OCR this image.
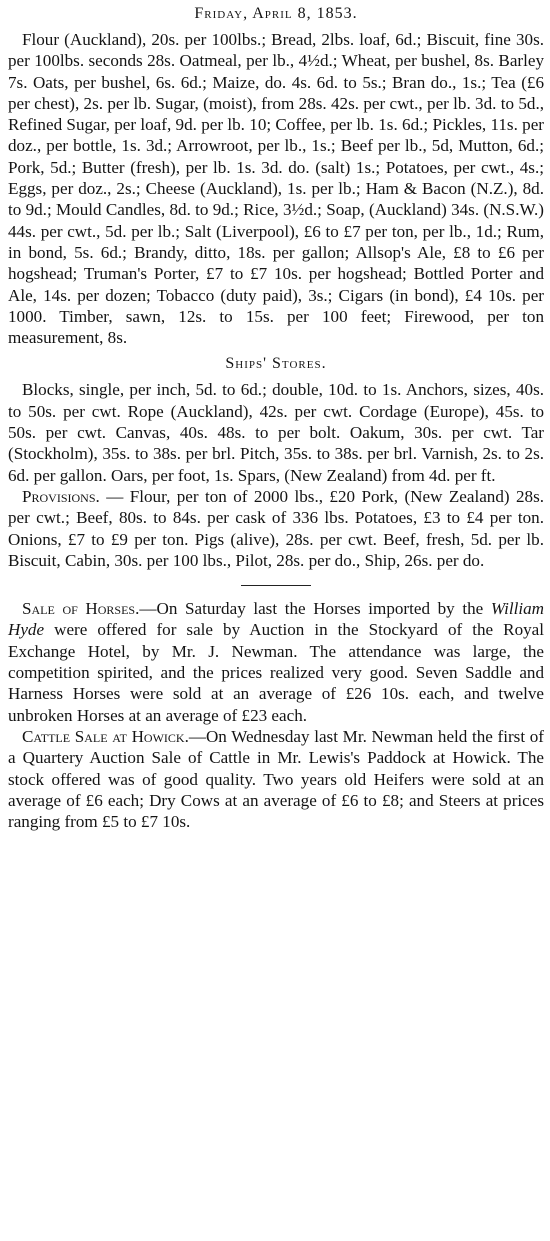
Friday, April 8, 1853.

Flour (Auckland), 20s. per 100lbs.; Bread, 2lbs. loaf, 6d.; Biscuit, fine 30s. per 100lbs. seconds 28s. Oatmeal, per lb., 4½d.; Wheat, per bushel, 8s. Barley 7s. Oats, per bushel, 6s. 6d.; Maize, do. 4s. 6d. to 5s.; Bran do., 1s.; Tea (£6 per chest), 2s. per lb. Sugar, (moist), from 28s. 42s. per cwt., per lb. 3d. to 5d., Refined Sugar, per loaf, 9d. per lb. 10; Coffee, per lb. 1s. 6d.; Pickles, 11s. per doz., per bottle, 1s. 3d.; Arrowroot, per lb., 1s.; Beef per lb., 5d, Mutton, 6d.; Pork, 5d.; Butter (fresh), per lb. 1s. 3d. do. (salt) 1s.; Potatoes, per cwt., 4s.; Eggs, per doz., 2s.; Cheese (Auckland), 1s. per lb.; Ham & Bacon (N.Z.), 8d. to 9d.; Mould Candles, 8d. to 9d.; Rice, 3½d.; Soap, (Auckland) 34s. (N.S.W.) 44s. per cwt., 5d. per lb.; Salt (Liverpool), £6 to £7 per ton, per lb., 1d.; Rum, in bond, 5s. 6d.; Brandy, ditto, 18s. per gallon; Allsop's Ale, £8 to £6 per hogshead; Truman's Porter, £7 to £7 10s. per hogshead; Bottled Porter and Ale, 14s. per dozen; Tobacco (duty paid), 3s.; Cigars (in bond), £4 10s. per 1000. Timber, sawn, 12s. to 15s. per 100 feet; Firewood, per ton measurement, 8s.

Ships' Stores.

Blocks, single, per inch, 5d. to 6d.; double, 10d. to 1s. Anchors, sizes, 40s. to 50s. per cwt. Rope (Auckland), 42s. per cwt. Cordage (Europe), 45s. to 50s. per cwt. Canvas, 40s. 48s. to per bolt. Oakum, 30s. per cwt. Tar (Stockholm), 35s. to 38s. per brl. Pitch, 35s. to 38s. per brl. Varnish, 2s. to 2s. 6d. per gallon. Oars, per foot, 1s. Spars, (New Zealand) from 4d. per ft.

Provisions. — Flour, per ton of 2000 lbs., £20 Pork, (New Zealand) 28s. per cwt.; Beef, 80s. to 84s. per cask of 336 lbs. Potatoes, £3 to £4 per ton. Onions, £7 to £9 per ton. Pigs (alive), 28s. per cwt. Beef, fresh, 5d. per lb. Biscuit, Cabin, 30s. per 100 lbs., Pilot, 28s. per do., Ship, 26s. per do.

Sale of Horses.—On Saturday last the Horses imported by the William Hyde were offered for sale by Auction in the Stockyard of the Royal Exchange Hotel, by Mr. J. Newman. The attendance was large, the competition spirited, and the prices realized very good. Seven Saddle and Harness Horses were sold at an average of £26 10s. each, and twelve unbroken Horses at an average of £23 each.

Cattle Sale at Howick.—On Wednesday last Mr. Newman held the first of a Quartery Auction Sale of Cattle in Mr. Lewis's Paddock at Howick. The stock offered was of good quality. Two years old Heifers were sold at an average of £6 each; Dry Cows at an average of £6 to £8; and Steers at prices ranging from £5 to £7 10s.
